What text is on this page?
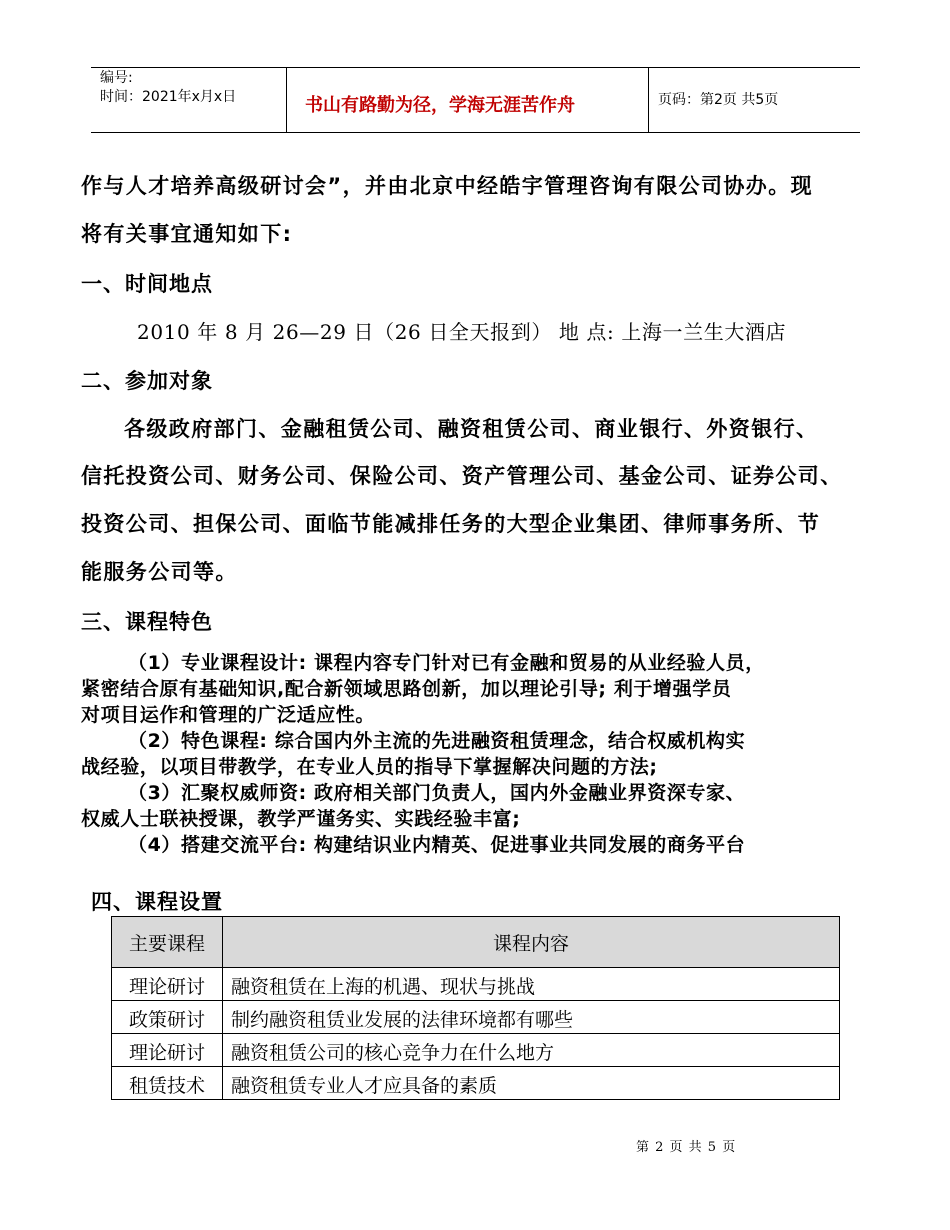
编号:
时间：2021年x月x日	书山有路勤为径，学海无涯苦作舟	页码：第2页 共5页
作与人才培养高级研讨会”，并由北京中经皓宇管理咨询有限公司协办。现
将有关事宜通知如下:
一、时间地点
2010 年 8 月 26—29 日（26 日全天报到） 地 点: 上海一兰生大酒店
二、参加对象
各级政府部门、金融租赁公司、融资租赁公司、商业银行、外资银行、
信托投资公司、财务公司、保险公司、资产管理公司、基金公司、证券公司、
投资公司、担保公司、面临节能减排任务的大型企业集团、律师事务所、节
能服务公司等。
三、课程特色
（1）专业课程设计: 课程内容专门针对已有金融和贸易的从业经验人员，
紧密结合原有基础知识,配合新领域思路创新，加以理论引导; 利于增强学员
对项目运作和管理的广泛适应性。
（2）特色课程: 综合国内外主流的先进融资租赁理念，结合权威机构实
战经验，以项目带教学，在专业人员的指导下掌握解决问题的方法;
（3）汇聚权威师资: 政府相关部门负责人，国内外金融业界资深专家、
权威人士联袂授课，教学严谨务实、实践经验丰富;
（4）搭建交流平台: 构建结识业内精英、促进事业共同发展的商务平台
四、课程设置
主要课程	课程内容
理论研讨	融资租赁在上海的机遇、现状与挑战
政策研讨	制约融资租赁业发展的法律环境都有哪些
理论研讨	融资租赁公司的核心竞争力在什么地方
租赁技术	融资租赁专业人才应具备的素质
第 2 页 共 5 页
